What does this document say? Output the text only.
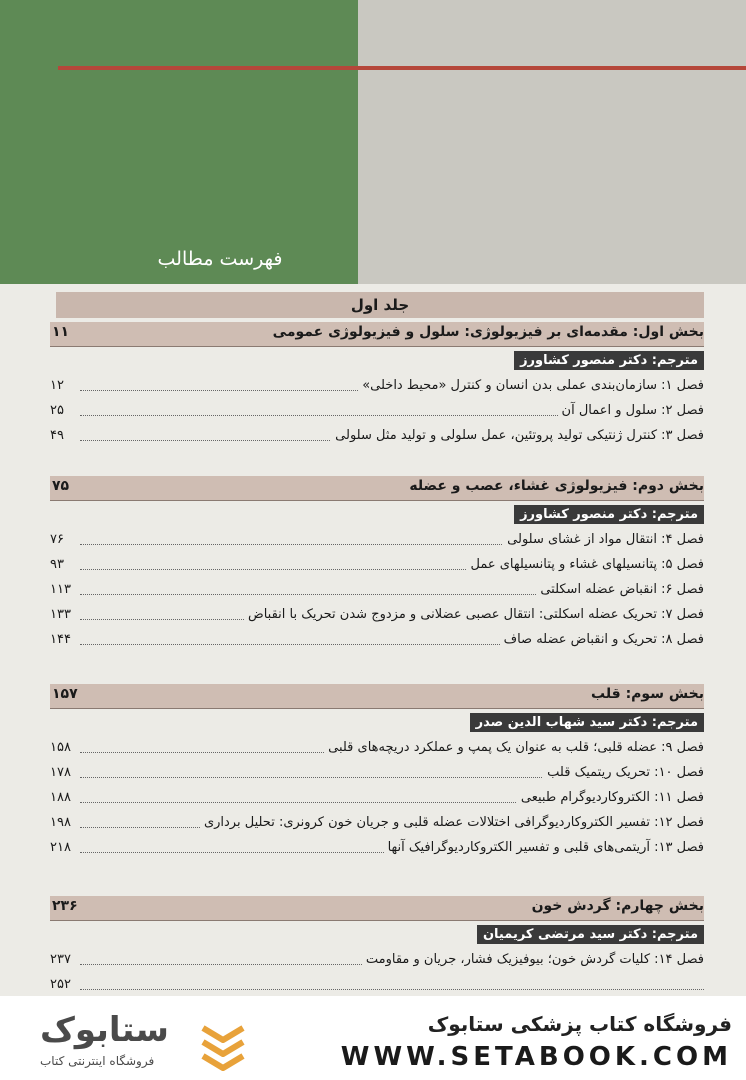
فهرست مطالب
جلد اول
بخش اول: مقدمه‌ای بر فیزیولوژی: سلول و فیزیولوژی عمومی
۱۱
مترجم: دکتر منصور کشاورز
فصل ۱: سازمان‌بندی عملی بدن انسان و کنترل «محیط داخلی»
۱۲
فصل ۲: سلول و اعمال آن
۲۵
فصل ۳: کنترل ژنتیکی تولید پروتئین، عمل سلولی و تولید مثل سلولی
۴۹
بخش دوم: فیزیولوژی غشاء، عصب و عضله
۷۵
مترجم: دکتر منصور کشاورز
فصل ۴: انتقال مواد از غشای سلولی
۷۶
فصل ۵: پتانسیلهای غشاء و پتانسیلهای عمل
۹۳
فصل ۶: انقباض عضله اسکلتی
۱۱۳
فصل ۷: تحریک عضله اسکلتی: انتقال عصبی عضلانی و مزدوج شدن تحریک با انقباض
۱۳۳
فصل ۸: تحریک و انقباض عضله صاف
۱۴۴
بخش سوم: قلب
۱۵۷
مترجم: دکتر سید شهاب الدین صدر
فصل ۹: عضله قلبی؛ قلب به عنوان یک پمپ و عملکرد دریچه‌های قلبی
۱۵۸
فصل ۱۰: تحریک ریتمیک قلب
۱۷۸
فصل ۱۱: الکتروکاردیوگرام طبیعی
۱۸۸
فصل ۱۲: تفسیر الکتروکاردیوگرافی اختلالات عضله قلبی و جریان خون کرونری: تحلیل برداری
۱۹۸
فصل ۱۳: آریتمی‌های قلبی و تفسیر الکتروکاردیوگرافیک آنها
۲۱۸
بخش چهارم: گردش خون
۲۳۶
مترجم: دکتر سید مرتضی کریمیان
فصل ۱۴: کلیات گردش خون؛ بیوفیزیک فشار، جریان و مقاومت
۲۳۷
۲۵۲
ستابوک
فروشگاه اینترنتی کتاب
فروشگاه کتاب پزشکی ستابوک
WWW.SETABOOK.COM
